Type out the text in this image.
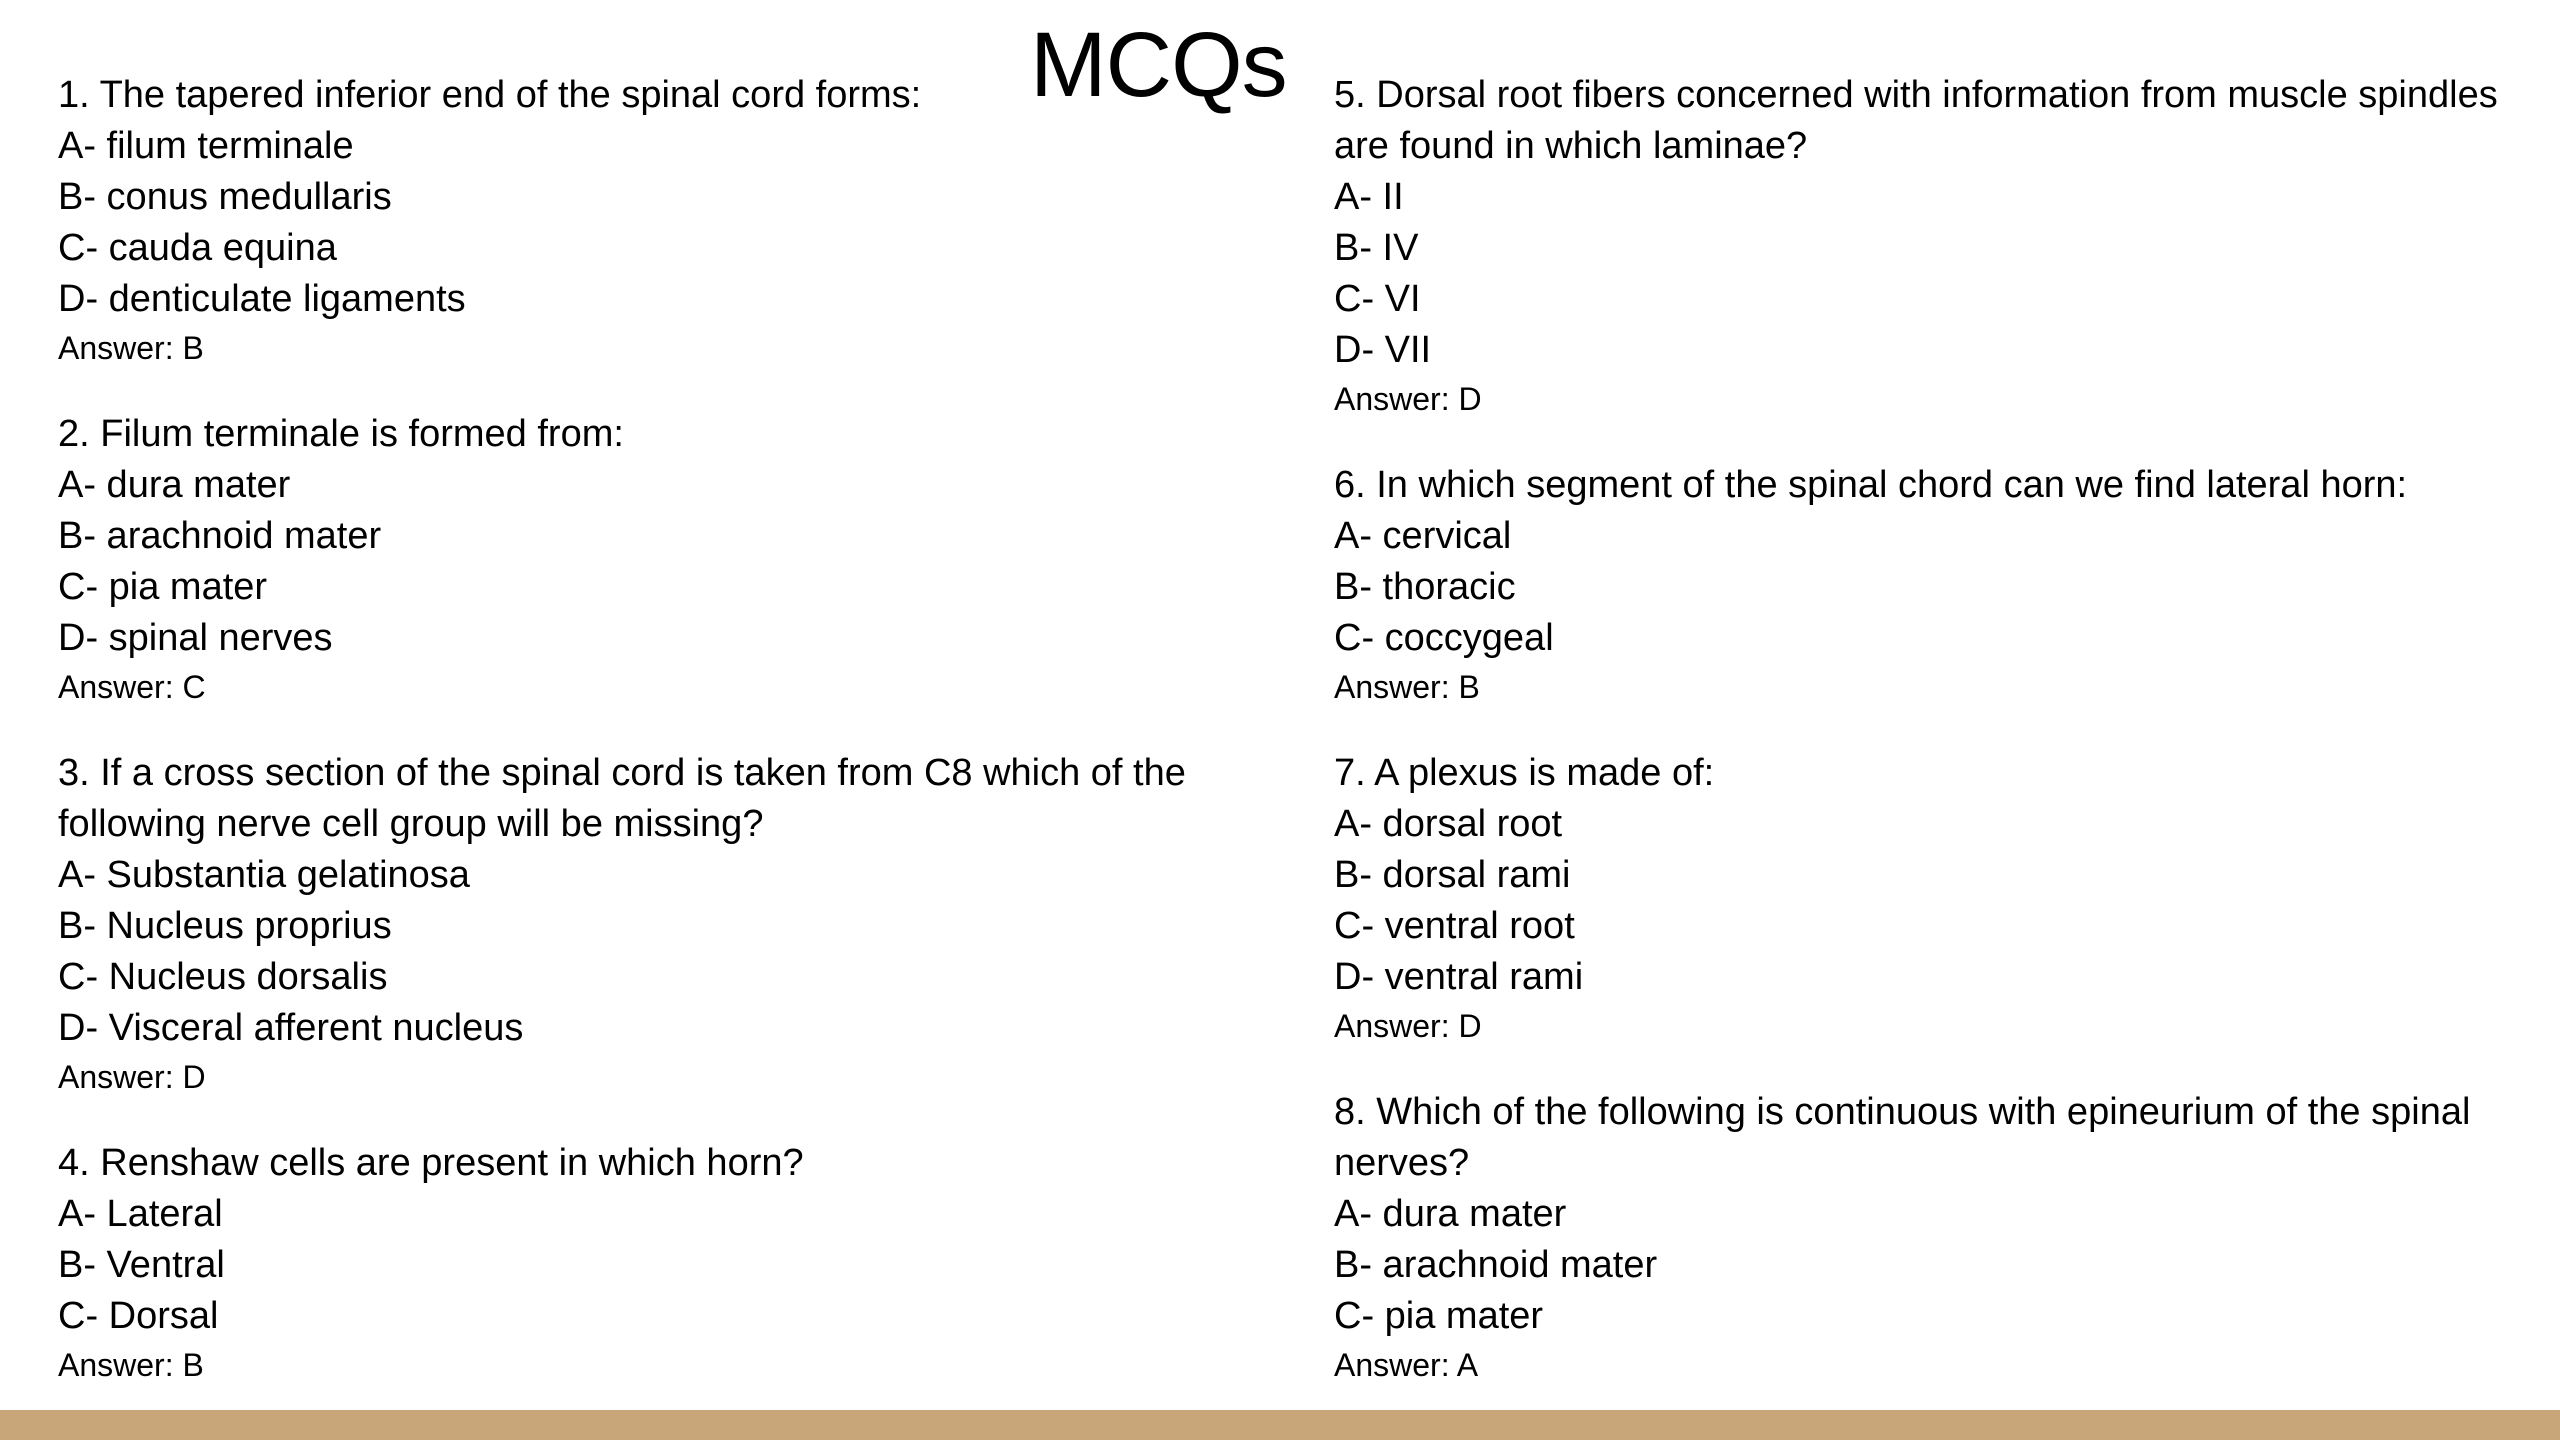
MCQs
1. The tapered inferior end of the spinal cord forms:
A- filum terminale
B- conus medullaris
C- cauda equina
D- denticulate ligaments
Answer: B
2. Filum terminale is formed from:
A- dura mater
B- arachnoid mater
C- pia mater
D- spinal nerves
Answer: C
3. If a cross section of the spinal cord is taken from C8 which of the following nerve cell group will be missing?
A- Substantia gelatinosa
B- Nucleus proprius
C- Nucleus dorsalis
D- Visceral afferent nucleus
Answer: D
4. Renshaw cells are present in which horn?
A- Lateral
B- Ventral
C- Dorsal
Answer: B
5. Dorsal root fibers concerned with information from muscle spindles are found in which laminae?
A- II
B- IV
C- VI
D- VII
Answer: D
6. In which segment of the spinal chord can we find lateral horn:
A- cervical
B- thoracic
C- coccygeal
Answer: B
7. A plexus is made of:
A- dorsal root
B- dorsal rami
C- ventral root
D- ventral rami
Answer: D
8. Which of the following is continuous with epineurium of the spinal nerves?
A- dura mater
B- arachnoid mater
C- pia mater
Answer: A
